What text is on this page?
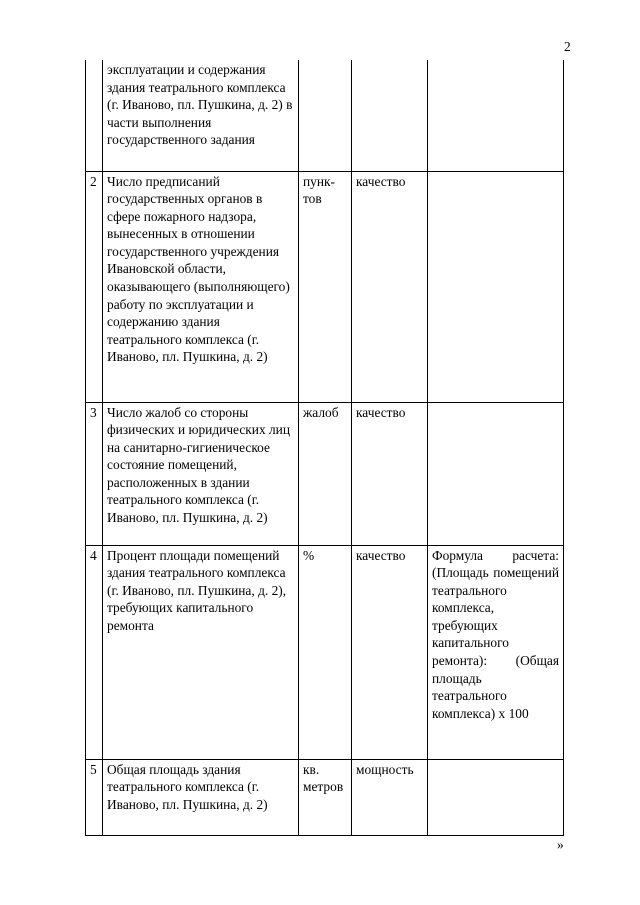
2
	эксплуатации и содержания здания театрального комплекса (г. Иваново, пл. Пушкина, д. 2) в части выполнения государственного задания			
2	Число предписаний государственных органов в сфере пожарного надзора, вынесенных в отношении государственного учреждения Ивановской области, оказывающего (выполняющего) работу по эксплуатации и содержанию здания театрального комплекса (г. Иваново, пл. Пушкина, д. 2)	пунк-тов	качество	
3	Число жалоб со стороны физических и юридических лиц на санитарно-гигиеническое состояние помещений, расположенных в здании театрального комплекса (г. Иваново, пл. Пушкина, д. 2)	жалоб	качество	
4	Процент площади помещений здания театрального комплекса (г. Иваново, пл. Пушкина, д. 2), требующих капитального ремонта	%	качество	Формула расчета: (Площадь помещений театрального комплекса, требующих капитального ремонта): (Общая площадь театрального комплекса) x 100
5	Общая площадь здания театрального комплекса (г. Иваново, пл. Пушкина, д. 2)	кв. метров	мощность	
»
